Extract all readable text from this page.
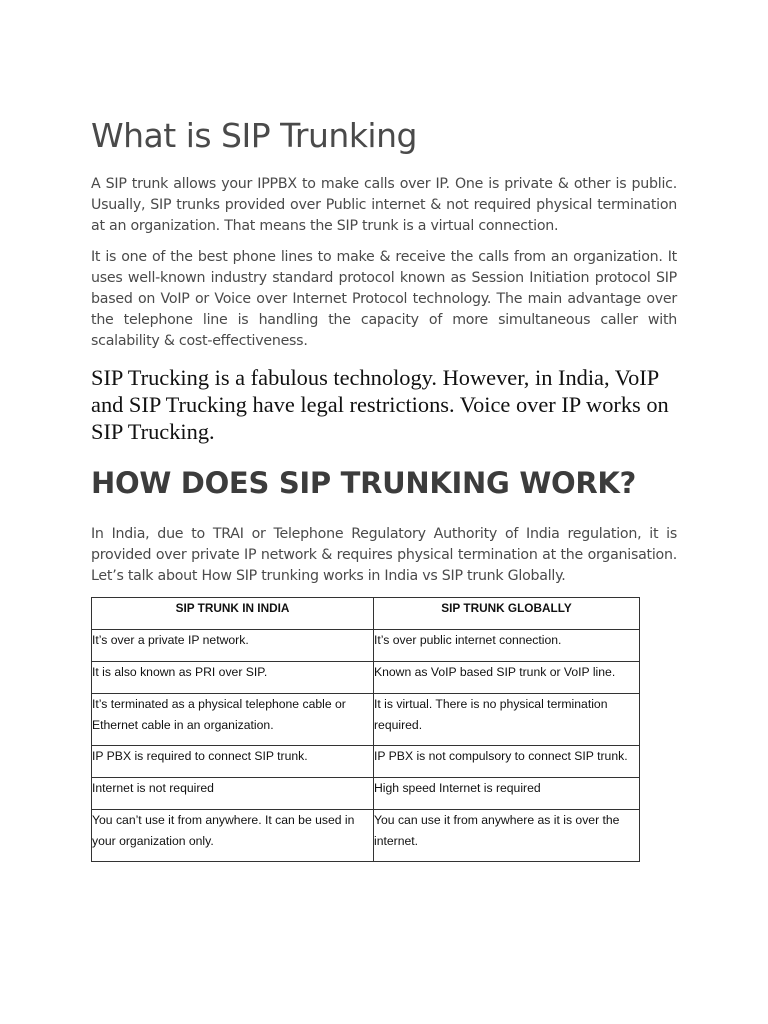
What is SIP Trunking

A SIP trunk allows your IPPBX to make calls over IP. One is private & other is public. Usually, SIP trunks provided over Public internet & not required physical termination at an organization. That means the SIP trunk is a virtual connection.

It is one of the best phone lines to make & receive the calls from an organization. It uses well-known industry standard protocol known as Session Initiation protocol SIP based on VoIP or Voice over Internet Protocol technology. The main advantage over the telephone line is handling the capacity of more simultaneous caller with scalability & cost-effectiveness.

SIP Trucking is a fabulous technology. However, in India, VoIP and SIP Trucking have legal restrictions. Voice over IP works on SIP Trucking.

HOW DOES SIP TRUNKING WORK?

In India, due to TRAI or Telephone Regulatory Authority of India regulation, it is provided over private IP network & requires physical termination at the organisation. Let’s talk about How SIP trunking works in India vs SIP trunk Globally.

SIP TRUNK IN INDIA	SIP TRUNK GLOBALLY
It’s over a private IP network.	It’s over public internet connection.
It is also known as PRI over SIP.	Known as VoIP based SIP trunk or VoIP line.
It’s terminated as a physical telephone cable or Ethernet cable in an organization.	It is virtual. There is no physical termination required.
IP PBX is required to connect SIP trunk.	IP PBX is not compulsory to connect SIP trunk.
Internet is not required	High speed Internet is required
You can’t use it from anywhere. It can be used in your organization only.	You can use it from anywhere as it is over the internet.
